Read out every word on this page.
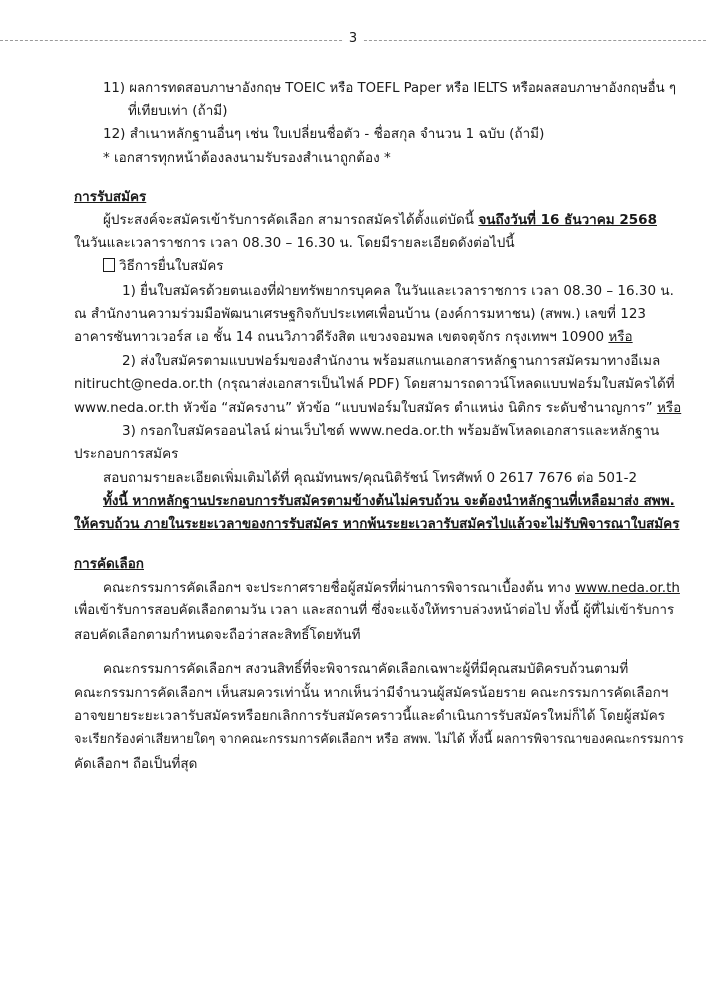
3
11) ผลการทดสอบภาษาอังกฤษ TOEIC หรือ TOEFL Paper หรือ IELTS หรือผลสอบภาษาอังกฤษอื่น ๆ
ที่เทียบเท่า (ถ้ามี)
12) สำเนาหลักฐานอื่นๆ เช่น ใบเปลี่ยนชื่อตัว - ชื่อสกุล จำนวน 1 ฉบับ (ถ้ามี)
* เอกสารทุกหน้าต้องลงนามรับรองสำเนาถูกต้อง *
การรับสมัคร
ผู้ประสงค์จะสมัครเข้ารับการคัดเลือก สามารถสมัครได้ตั้งแต่บัดนี้ จนถึงวันที่ 16 ธันวาคม 2568
ในวันและเวลาราชการ เวลา 08.30 – 16.30 น. โดยมีรายละเอียดดังต่อไปนี้
วิธีการยื่นใบสมัคร
1) ยื่นใบสมัครด้วยตนเองที่ฝ่ายทรัพยากรบุคคล ในวันและเวลาราชการ เวลา 08.30 – 16.30 น.
ณ สำนักงานความร่วมมือพัฒนาเศรษฐกิจกับประเทศเพื่อนบ้าน (องค์การมหาชน) (สพพ.) เลขที่ 123
อาคารซันทาวเวอร์ส เอ ชั้น 14 ถนนวิภาวดีรังสิต แขวงจอมพล เขตจตุจักร กรุงเทพฯ 10900 หรือ
2) ส่งใบสมัครตามแบบฟอร์มของสำนักงาน พร้อมสแกนเอกสารหลักฐานการสมัครมาทางอีเมล
nitirucht@neda.or.th (กรุณาส่งเอกสารเป็นไฟล์ PDF) โดยสามารถดาวน์โหลดแบบฟอร์มใบสมัครได้ที่
www.neda.or.th หัวข้อ “สมัครงาน” หัวข้อ “แบบฟอร์มใบสมัคร ตำแหน่ง นิติกร ระดับชำนาญการ” หรือ
3) กรอกใบสมัครออนไลน์ ผ่านเว็บไซต์ www.neda.or.th พร้อมอัพโหลดเอกสารและหลักฐาน
ประกอบการสมัคร
สอบถามรายละเอียดเพิ่มเติมได้ที่ คุณมัทนพร/คุณนิติรัชน์ โทรศัพท์ 0 2617 7676 ต่อ 501-2
ทั้งนี้ หากหลักฐานประกอบการรับสมัครตามข้างต้นไม่ครบถ้วน จะต้องนำหลักฐานที่เหลือมาส่ง สพพ.
ให้ครบถ้วน ภายในระยะเวลาของการรับสมัคร หากพ้นระยะเวลารับสมัครไปแล้วจะไม่รับพิจารณาใบสมัคร
การคัดเลือก
คณะกรรมการคัดเลือกฯ จะประกาศรายชื่อผู้สมัครที่ผ่านการพิจารณาเบื้องต้น ทาง www.neda.or.th
เพื่อเข้ารับการสอบคัดเลือกตามวัน เวลา และสถานที่ ซึ่งจะแจ้งให้ทราบล่วงหน้าต่อไป ทั้งนี้ ผู้ที่ไม่เข้ารับการ
สอบคัดเลือกตามกำหนดจะถือว่าสละสิทธิ์โดยทันที
คณะกรรมการคัดเลือกฯ สงวนสิทธิ์ที่จะพิจารณาคัดเลือกเฉพาะผู้ที่มีคุณสมบัติครบถ้วนตามที่
คณะกรรมการคัดเลือกฯ เห็นสมควรเท่านั้น หากเห็นว่ามีจำนวนผู้สมัครน้อยราย คณะกรรมการคัดเลือกฯ
อาจขยายระยะเวลารับสมัครหรือยกเลิกการรับสมัครคราวนี้และดำเนินการรับสมัครใหม่ก็ได้ โดยผู้สมัคร
จะเรียกร้องค่าเสียหายใดๆ จากคณะกรรมการคัดเลือกฯ หรือ สพพ. ไม่ได้ ทั้งนี้ ผลการพิจารณาของคณะกรรมการ
คัดเลือกฯ ถือเป็นที่สุด
